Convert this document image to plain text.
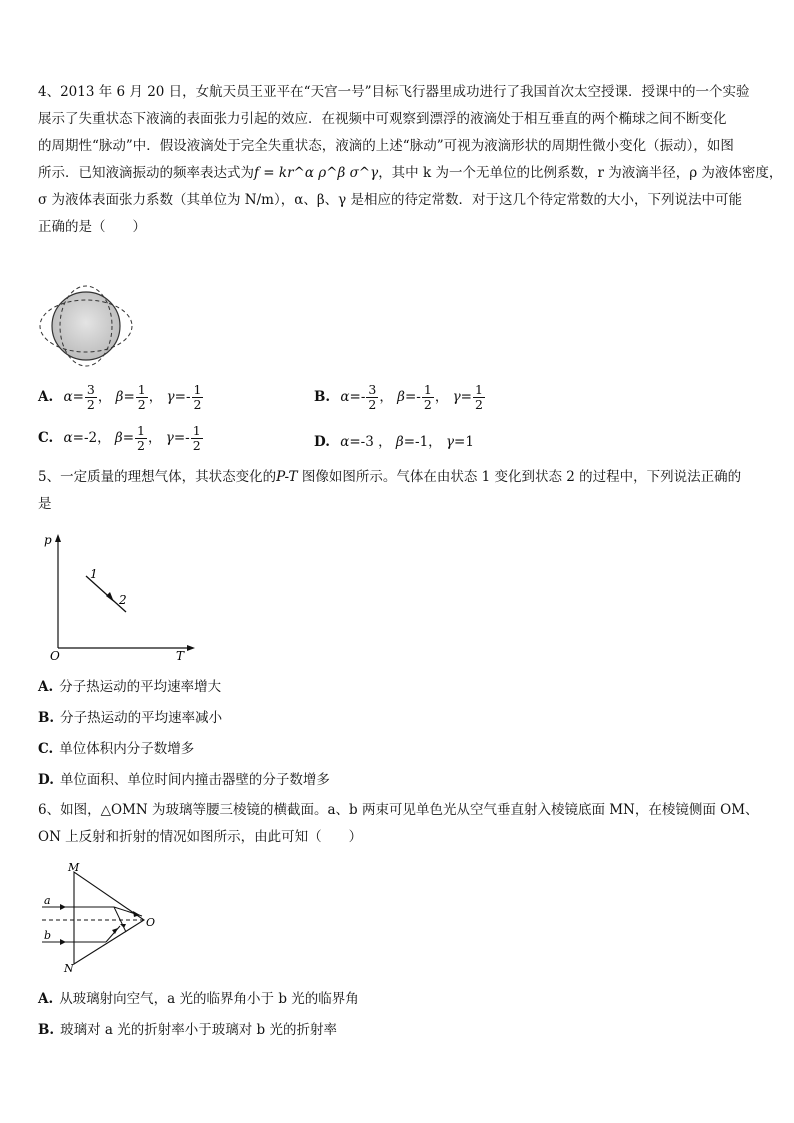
4、2013 年 6 月 20 日，女航天员王亚平在“天宫一号”目标飞行器里成功进行了我国首次太空授课．授课中的一个实验
展示了失重状态下液滴的表面张力引起的效应．在视频中可观察到漂浮的液滴处于相互垂直的两个椭球之间不断变化
的周期性“脉动”中．假设液滴处于完全失重状态，液滴的上述“脉动”可视为液滴形状的周期性微小变化（振动），如图
所示．已知液滴振动的频率表达式为f = kr^α ρ^β σ^γ，其中 k 为一个无单位的比例系数，r 为液滴半径，ρ 为液体密度，
σ 为液体表面张力系数（其单位为 N/m），α、β、γ 是相应的待定常数．对于这几个待定常数的大小，下列说法中可能
正确的是（　　）
A. $\alpha= \frac{3}{2}$ ， $\beta= \frac{1}{2}$ ， $\gamma=- \frac{1}{2}$	B. $\alpha=- \frac{3}{2}$ ， $\beta=- \frac{1}{2}$ ， $\gamma= \frac{1}{2}$
C. α=-2， $\beta= \frac{1}{2}$ ， $\gamma=- \frac{1}{2}$	D. α=-3 ， β=-1， γ=1
5、一定质量的理想气体，其状态变化的P-T 图像如图所示。气体在由状态 1 变化到状态 2 的过程中，下列说法正确的
是
p
O	T
1
2
A. 分子热运动的平均速率增大
B. 分子热运动的平均速率减小
C. 单位体积内分子数增多
D. 单位面积、单位时间内撞击器壁的分子数增多
6、如图，△OMN 为玻璃等腰三棱镜的横截面。a、b 两束可见单色光从空气垂直射入棱镜底面 MN，在棱镜侧面 OM、
ON 上反射和折射的情况如图所示，由此可知（　　）
M
N
O
a
b
A. 从玻璃射向空气，a 光的临界角小于 b 光的临界角
B. 玻璃对 a 光的折射率小于玻璃对 b 光的折射率
